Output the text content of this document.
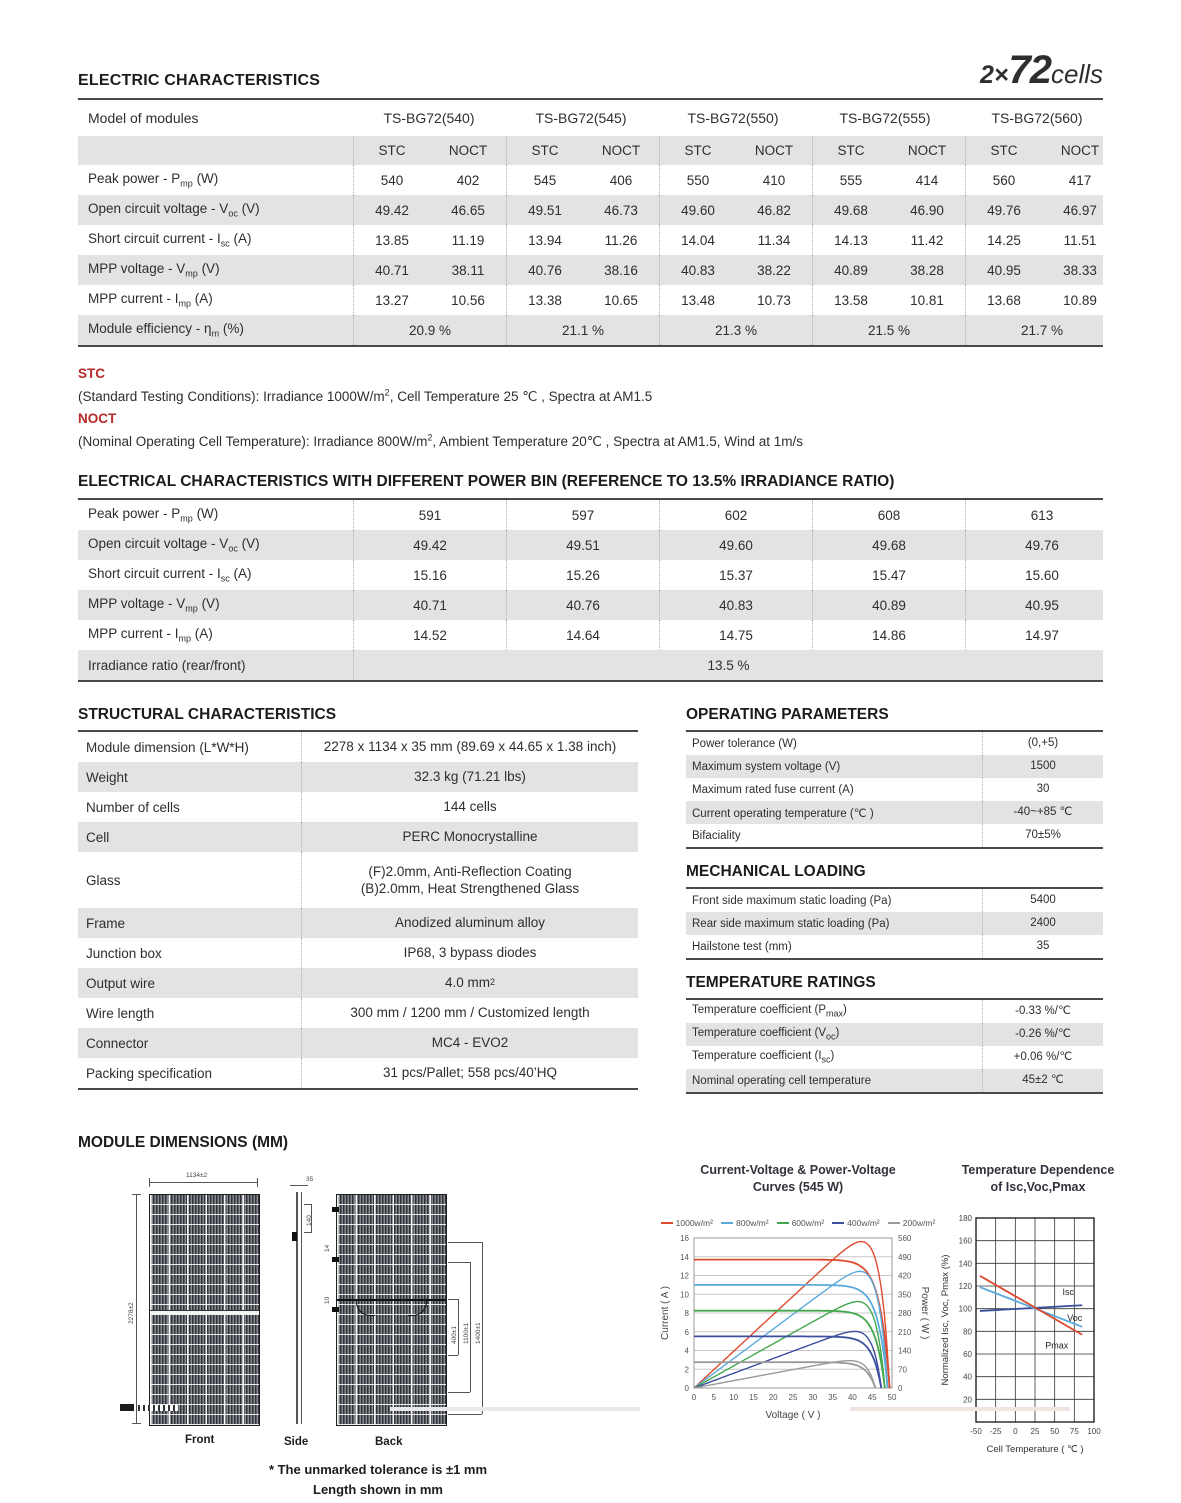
ELECTRIC CHARACTERISTICS	2×72cells
Model of modules	TS-BG72(540)	TS-BG72(545)	TS-BG72(550)	TS-BG72(555)	TS-BG72(560)
STC	NOCT	STC	NOCT	STC	NOCT	STC	NOCT	STC	NOCT
Peak power - $P_{mp}$ (W)	540	402	545	406	550	410	555	414	560	417
Open circuit voltage - $V_{oc}$ (V)	49.42	46.65	49.51	46.73	49.60	46.82	49.68	46.90	49.76	46.97
Short circuit current - $I_{sc}$ (A)	13.85	11.19	13.94	11.26	14.04	11.34	14.13	11.42	14.25	11.51
MPP voltage - $V_{mp}$ (V)	40.71	38.11	40.76	38.16	40.83	38.22	40.89	38.28	40.95	38.33
MPP current - $I_{mp}$ (A)	13.27	10.56	13.38	10.65	13.48	10.73	13.58	10.81	13.68	10.89
Module efficiency - $\eta_m$ (%)	20.9 %	21.1 %	21.3 %	21.5 %	21.7 %
STC
(Standard Testing Conditions): Irradiance $1000W/m^2$, Cell Temperature 25 ℃ , Spectra at AM1.5
NOCT
(Nominal Operating Cell Temperature): Irradiance $800W/m^2$, Ambient Temperature 20℃ , Spectra at AM1.5, Wind at 1m/s
ELECTRICAL CHARACTERISTICS WITH DIFFERENT POWER BIN (REFERENCE TO 13.5% IRRADIANCE RATIO)
Peak power - $P_{mp}$ (W)	591	597	602	608	613
Open circuit voltage - $V_{oc}$ (V)	49.42	49.51	49.60	49.68	49.76
Short circuit current - $I_{sc}$ (A)	15.16	15.26	15.37	15.47	15.60
MPP voltage - $V_{mp}$ (V)	40.71	40.76	40.83	40.89	40.95
MPP current - $I_{mp}$ (A)	14.52	14.64	14.75	14.86	14.97
Irradiance ratio (rear/front)	13.5 %
STRUCTURAL CHARACTERISTICS
Module dimension (L*W*H)	2278 x 1134 x 35 mm (89.69 x 44.65 x 1.38 inch)
Weight	32.3 kg (71.21 lbs)
Number of cells	144 cells
Cell	PERC Monocrystalline
Glass
(F)2.0mm, Anti-Reflection Coating
(B)2.0mm, Heat Strengthened Glass
Frame	Anodized aluminum alloy
Junction box	IP68, 3 bypass diodes
Output wire	4.0 mm 2
Wire length	300 mm / 1200 mm / Customized length
Connector	MC4 - EVO2
Packing specification	31 pcs/Pallet; 558 pcs/40’HQ
OPERATING PARAMETERS
Power tolerance (W)	(0,+5)
Maximum system voltage (V)	1500
Maximum rated fuse current (A)	30
Current operating temperature (℃ )	-40~+85 ℃
Bifaciality	70±5%
MECHANICAL LOADING
Front side maximum static loading (Pa)	5400
Rear side maximum static loading (Pa)	2400
Hailstone test (mm)	35
TEMPERATURE RATINGS
Temperature coefficient $(P_{max})$	-0.33 %/℃
Temperature coefficient $(V_{oc})$	-0.26 %/℃
Temperature coefficient $(I_{sc})$	+0.06 %/℃
Nominal operating cell temperature	45±2 ℃
MODULE DIMENSIONS (MM)
1134±2
2278±2
Front
35
140
Side
14
10
400±1 1100±1 1400±1
Back
* The unmarked tolerance is ±1 mm
Length shown in mm
Current-Voltage & Power-Voltage
Curves (545 W)
1000w/m²	800w/m²	600w/m²	400w/m²	200w/m²
0
2
4
6
8
10
12
14
16
0
70
140
210
280
350
420
490
560
0 5 10 15 20 25 30 35 40 45 50
Voltage ( V )
Current ( A )	Power ( W )
Temperature Dependence
of Isc,Voc,Pmax
20
40
60
80
100
120
140
160
180
-50 -25 0 25 50 75 100
Cell Temperature ( ℃ )
Normalized Isc, Voc, Pmax (%)	Isc
Voc
Pmax
